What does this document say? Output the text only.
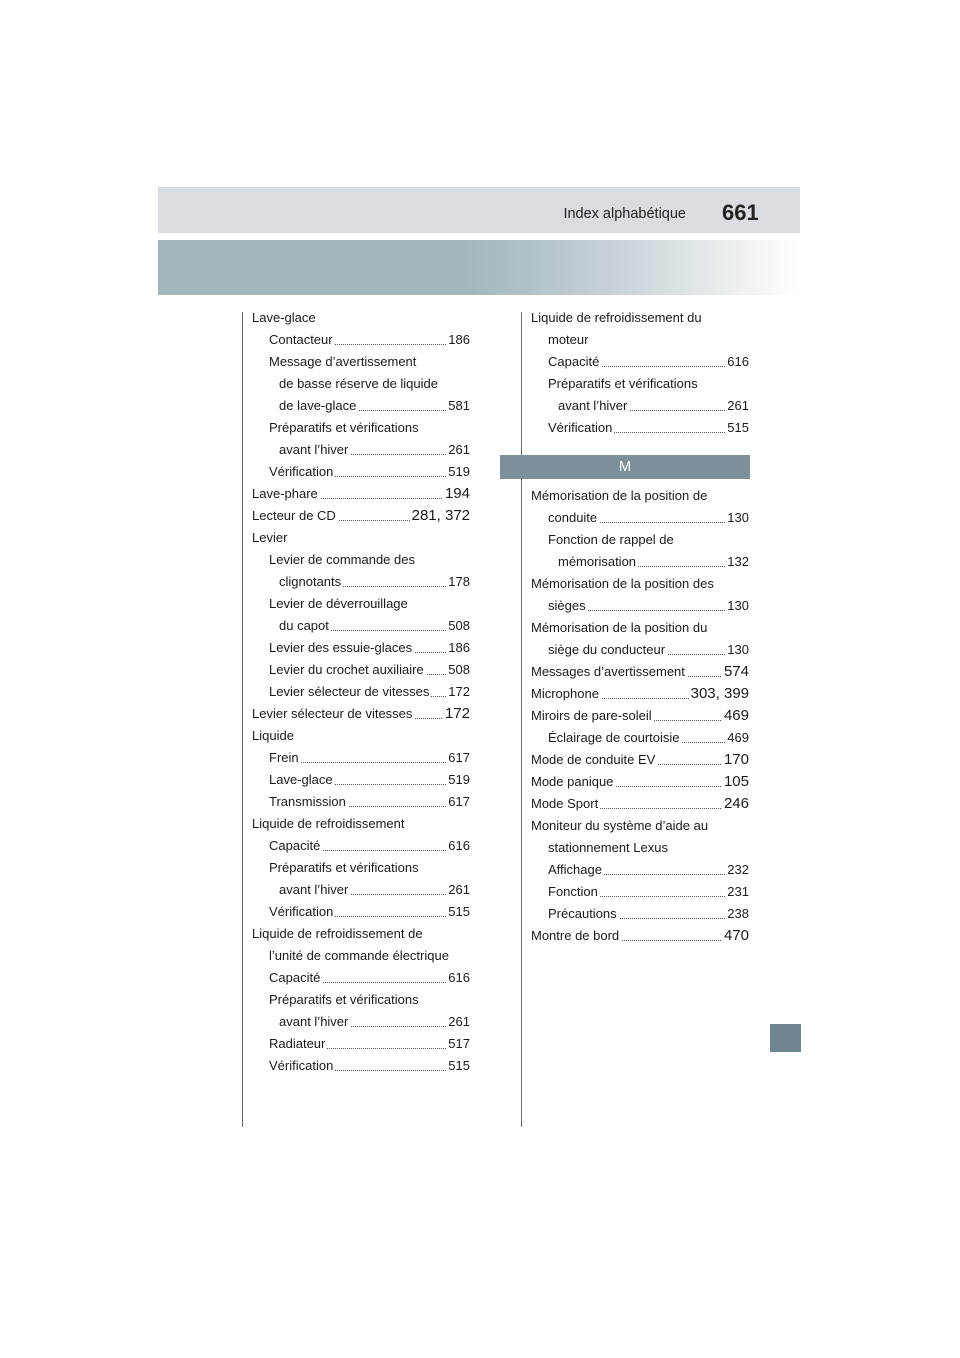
Index alphabétique 661
Lave-glace
Contacteur	186
Message d’avertissement
de basse réserve de liquide
de lave-glace	581
Préparatifs et vérifications
avant l’hiver	261
Vérification	519
Lave-phare	194
Lecteur de CD	281, 372
Levier
Levier de commande des
clignotants	178
Levier de déverrouillage
du capot	508
Levier des essuie-glaces	186
Levier du crochet auxiliaire 508
Levier sélecteur de vitesses 172
Levier sélecteur de vitesses 172
Liquide
Frein	617
Lave-glace	519
Transmission	617
Liquide de refroidissement
Capacité	616
Préparatifs et vérifications
avant l’hiver	261
Vérification	515
Liquide de refroidissement de
l’unité de commande électrique
Capacité	616
Préparatifs et vérifications
avant l’hiver	261
Radiateur	517
Vérification	515
Liquide de refroidissement du
moteur
Capacité	616
Préparatifs et vérifications
avant l’hiver	261
Vérification	515
M
Mémorisation de la position de
conduite	130
Fonction de rappel de
mémorisation	132
Mémorisation de la position des
sièges	130
Mémorisation de la position du
siège du conducteur	130
Messages d’avertissement	574
Microphone	303, 399
Miroirs de pare-soleil	469
Éclairage de courtoisie	469
Mode de conduite EV	170
Mode panique	105
Mode Sport	246
Moniteur du système d’aide au
stationnement Lexus
Affichage	232
Fonction	231
Précautions	238
Montre de bord	470
